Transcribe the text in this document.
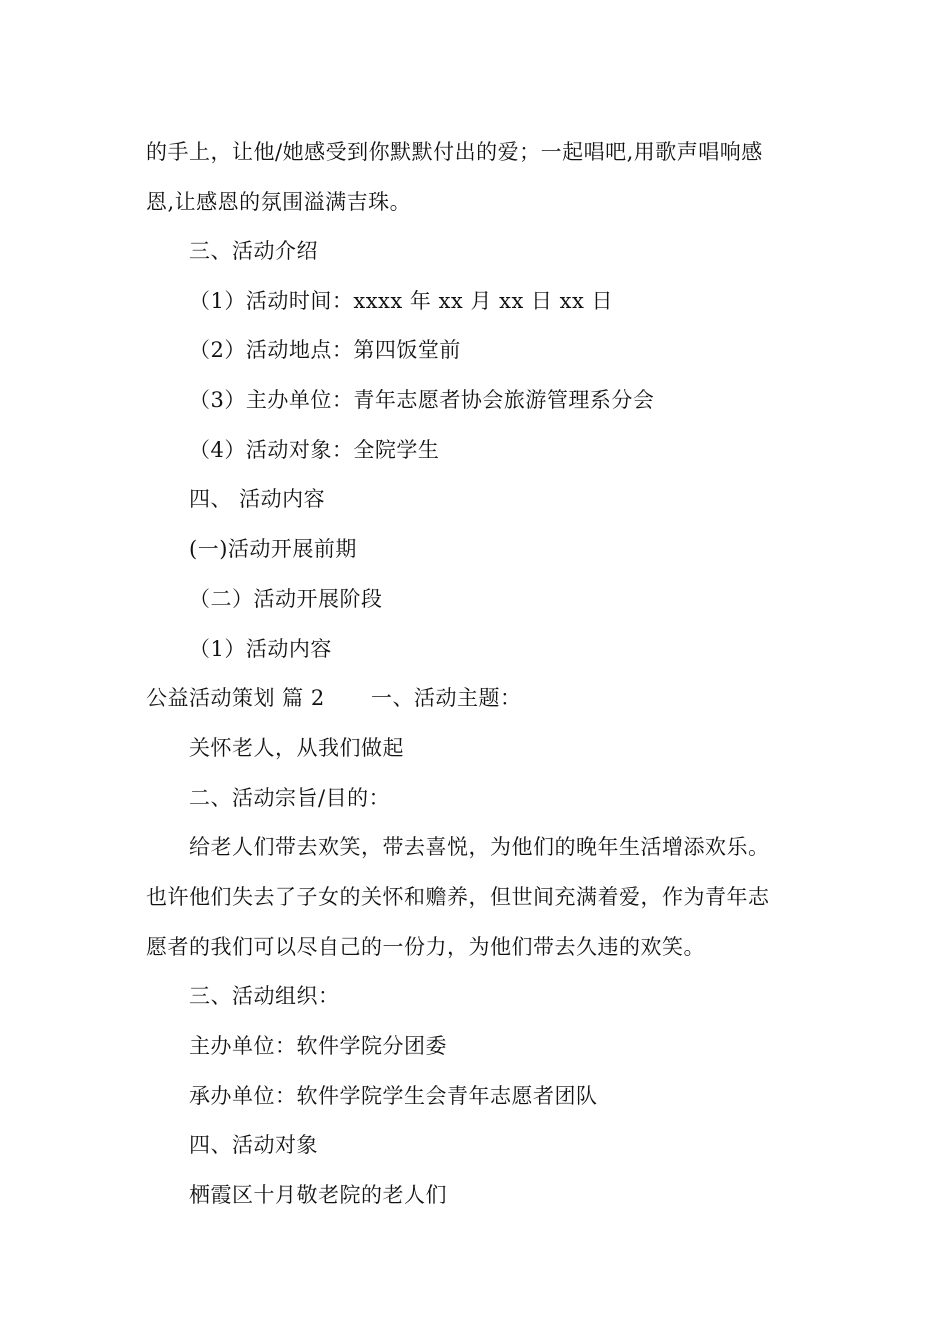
的手上，让他/她感受到你默默付出的爱；一起唱吧,用歌声唱响感
恩,让感恩的氛围溢满吉珠。
三、活动介绍
（1）活动时间：xxxx 年 xx 月 xx 日 xx 日
（2）活动地点：第四饭堂前
（3）主办单位：青年志愿者协会旅游管理系分会
（4）活动对象：全院学生
四、 活动内容
(一)活动开展前期
（二）活动开展阶段
（1）活动内容
公益活动策划 篇 2 一、活动主题：
关怀老人，从我们做起
二、活动宗旨/目的：
给老人们带去欢笑，带去喜悦，为他们的晚年生活增添欢乐。
也许他们失去了子女的关怀和赡养，但世间充满着爱，作为青年志
愿者的我们可以尽自己的一份力，为他们带去久违的欢笑。
三、活动组织：
主办单位：软件学院分团委
承办单位：软件学院学生会青年志愿者团队
四、活动对象
栖霞区十月敬老院的老人们
